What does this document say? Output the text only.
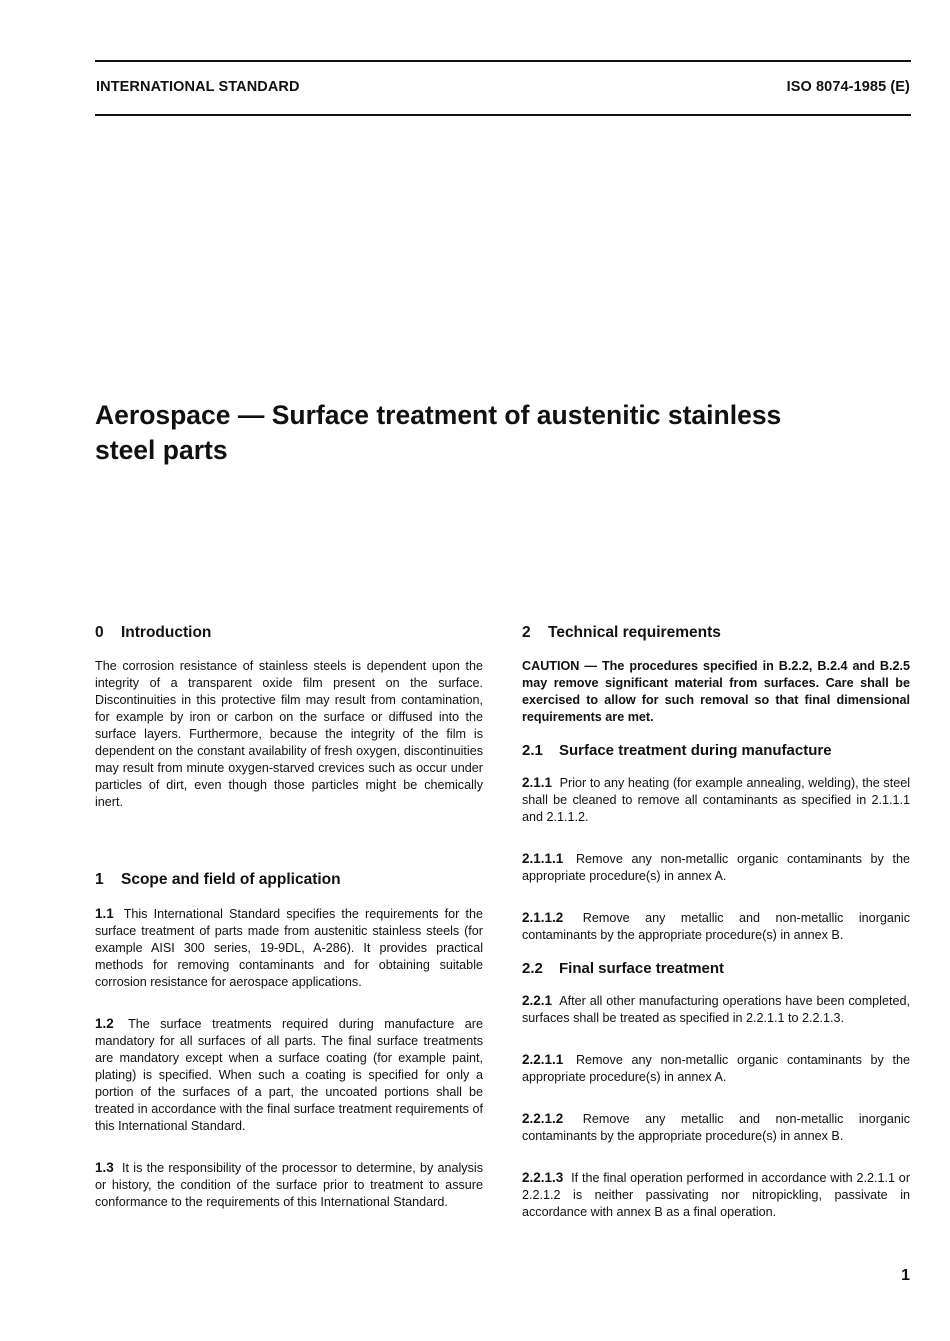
INTERNATIONAL STANDARD	ISO 8074-1985 (E)
Aerospace — Surface treatment of austenitic stainless
steel parts
0 Introduction

The corrosion resistance of stainless steels is dependent upon the integrity of a transparent oxide film present on the surface. Discontinuities in this protective film may result from contamination, for example by iron or carbon on the surface or diffused into the surface layers. Furthermore, because the integrity of the film is dependent on the constant availability of fresh oxygen, discontinuities may result from minute oxygen-starved crevices such as occur under particles of dirt, even though those particles might be chemically inert.

1 Scope and field of application

1.1 This International Standard specifies the requirements for the surface treatment of parts made from austenitic stainless steels (for example AISI 300 series, 19-9DL, A-286). It provides practical methods for removing contaminants and for obtaining suitable corrosion resistance for aerospace applications.

1.2 The surface treatments required during manufacture are mandatory for all surfaces of all parts. The final surface treatments are mandatory except when a surface coating (for example paint, plating) is specified. When such a coating is specified for only a portion of the surfaces of a part, the uncoated portions shall be treated in accordance with the final surface treatment requirements of this International Standard.

1.3 It is the responsibility of the processor to determine, by analysis or history, the condition of the surface prior to treatment to assure conformance to the requirements of this International Standard.

2 Technical requirements

CAUTION — The procedures specified in B.2.2, B.2.4 and B.2.5 may remove significant material from surfaces. Care shall be exercised to allow for such removal so that final dimensional requirements are met.

2.1 Surface treatment during manufacture

2.1.1 Prior to any heating (for example annealing, welding), the steel shall be cleaned to remove all contaminants as specified in 2.1.1.1 and 2.1.1.2.

2.1.1.1 Remove any non-metallic organic contaminants by the appropriate procedure(s) in annex A.

2.1.1.2 Remove any metallic and non-metallic inorganic contaminants by the appropriate procedure(s) in annex B.

2.2 Final surface treatment

2.2.1 After all other manufacturing operations have been completed, surfaces shall be treated as specified in 2.2.1.1 to 2.2.1.3.

2.2.1.1 Remove any non-metallic organic contaminants by the appropriate procedure(s) in annex A.

2.2.1.2 Remove any metallic and non-metallic inorganic contaminants by the appropriate procedure(s) in annex B.

2.2.1.3 If the final operation performed in accordance with 2.2.1.1 or 2.2.1.2 is neither passivating nor nitropickling, passivate in accordance with annex B as a final operation.

1
